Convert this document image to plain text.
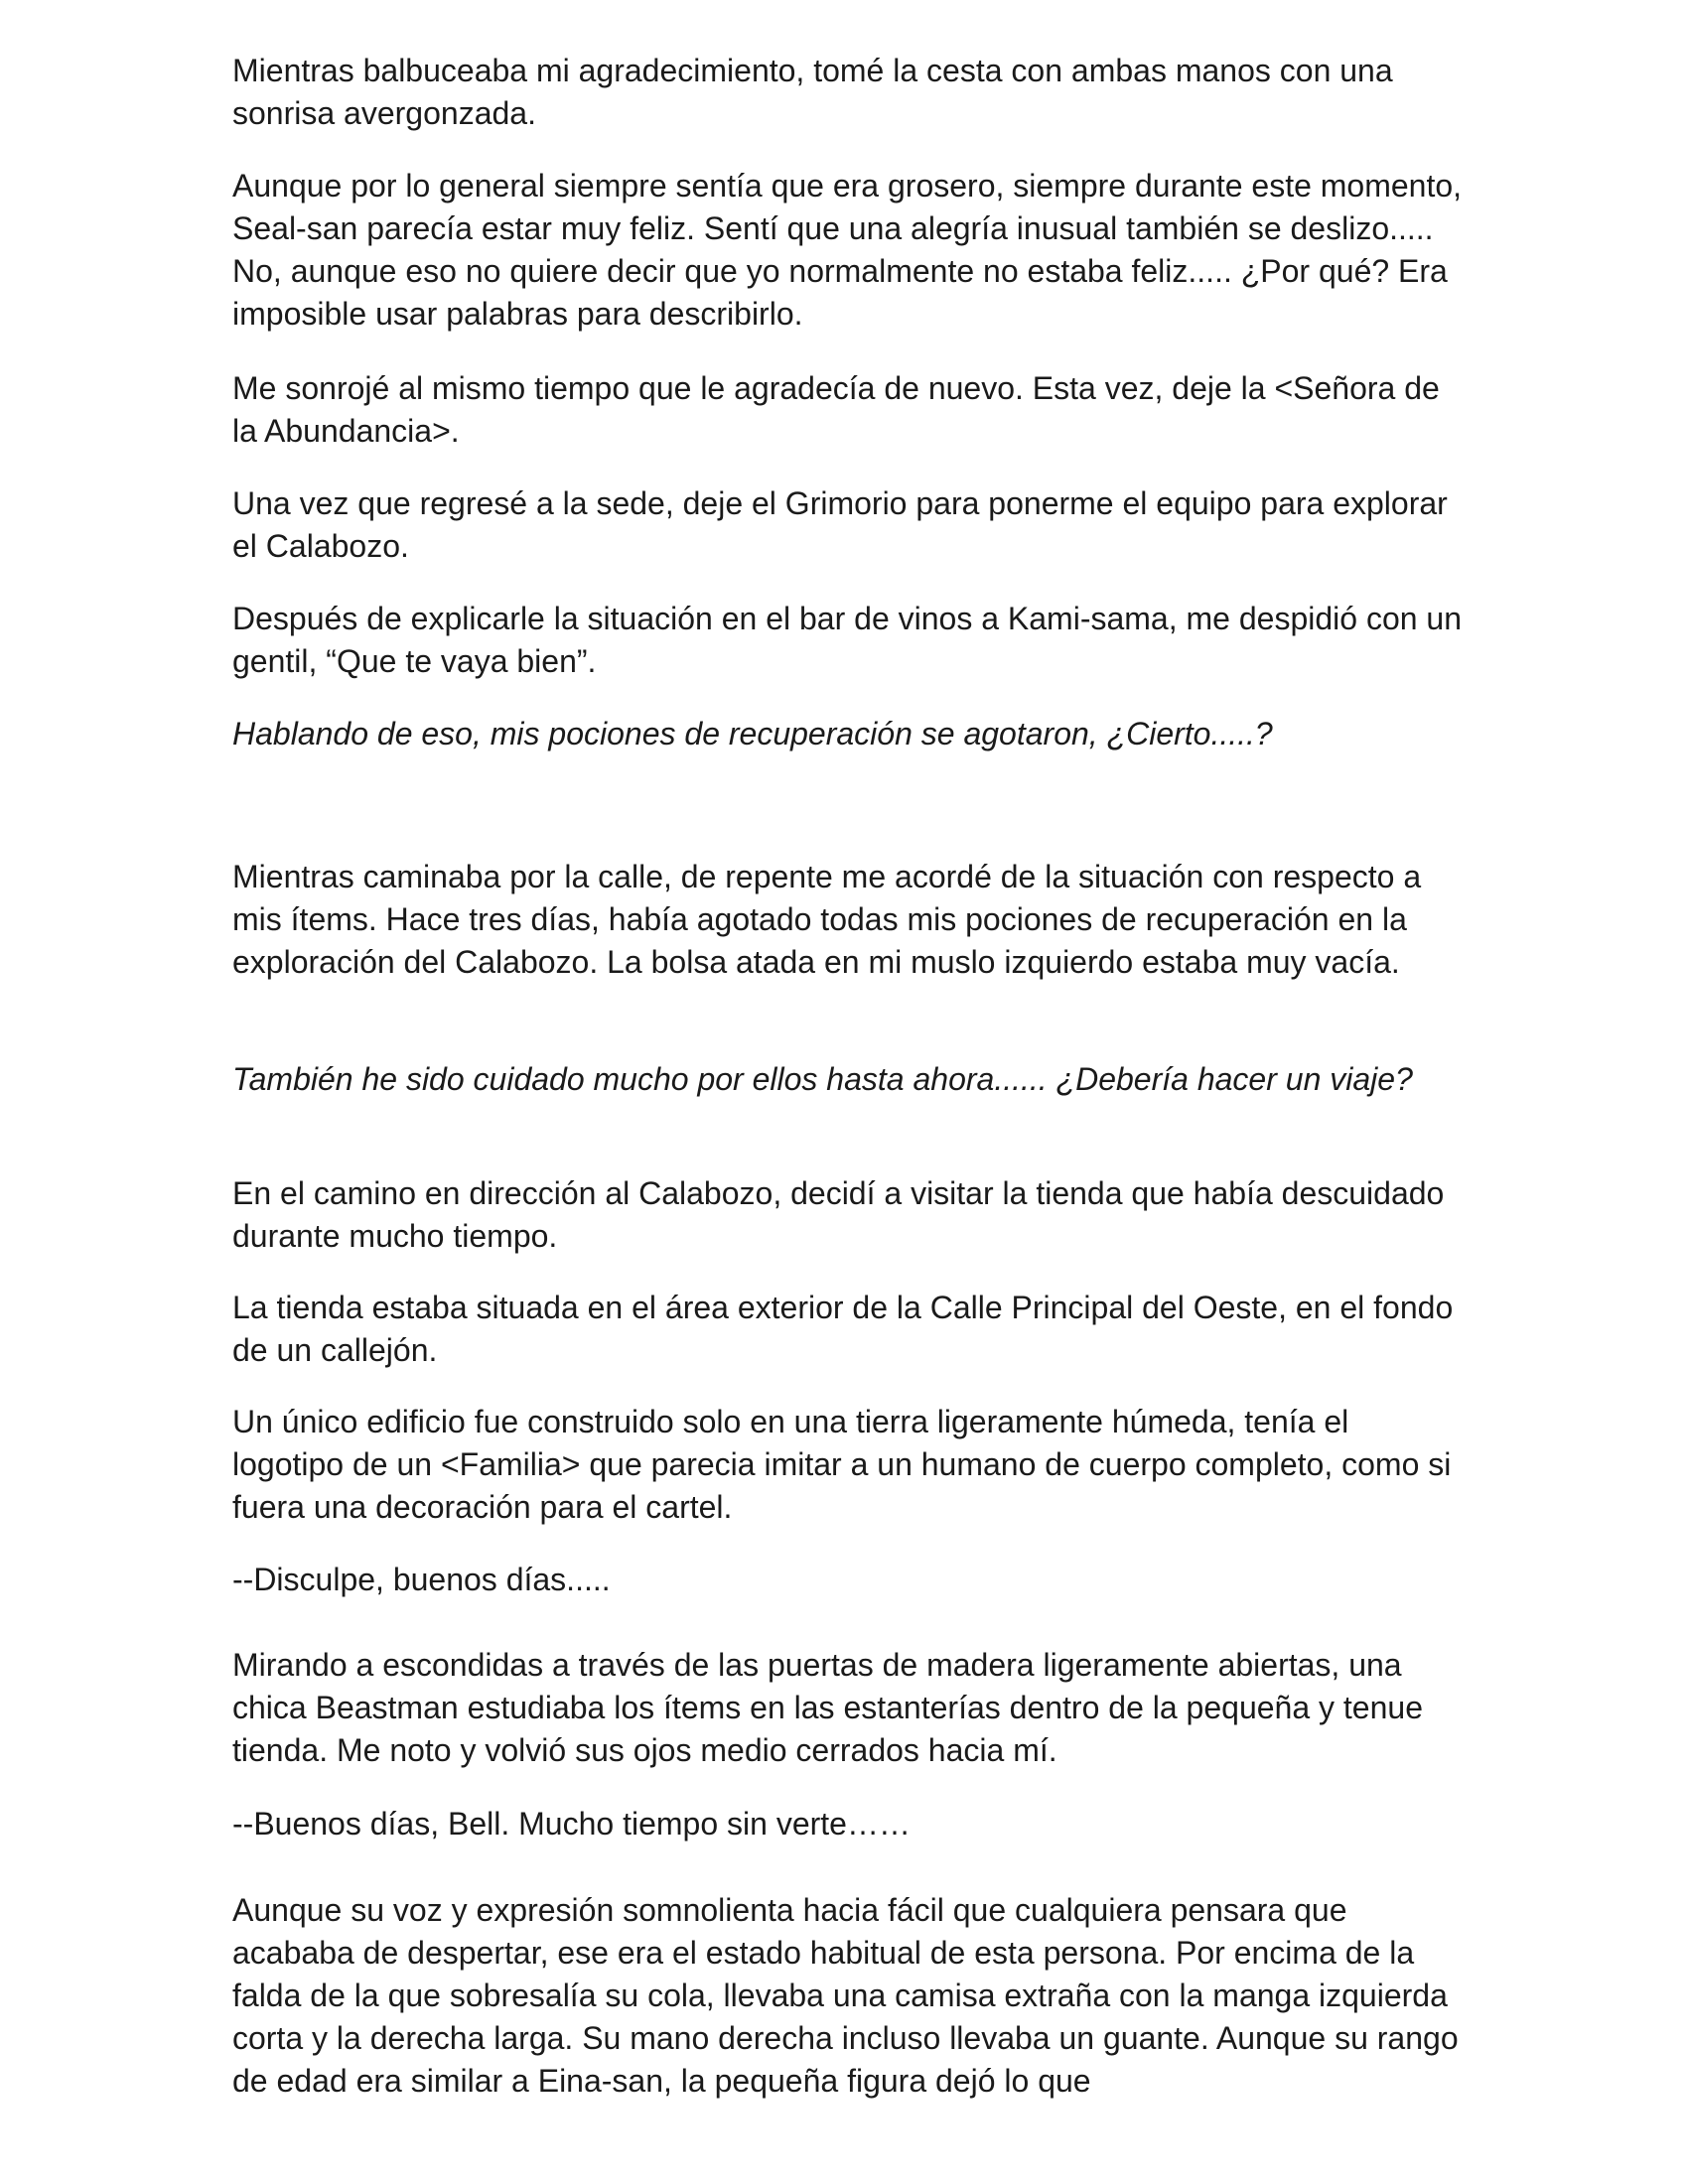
Mientras balbuceaba mi agradecimiento, tomé la cesta con ambas manos con una sonrisa avergonzada.

Aunque por lo general siempre sentía que era grosero, siempre durante este momento, Seal-san parecía estar muy feliz. Sentí que una alegría inusual también se deslizo..... No, aunque eso no quiere decir que yo normalmente no estaba feliz..... ¿Por qué? Era imposible usar palabras para describirlo.

Me sonrojé al mismo tiempo que le agradecía de nuevo. Esta vez, deje la <Señora de la Abundancia>.

Una vez que regresé a la sede, deje el Grimorio para ponerme el equipo para explorar el Calabozo.

Después de explicarle la situación en el bar de vinos a Kami-sama, me despidió con un gentil, “Que te vaya bien”.

Hablando de eso, mis pociones de recuperación se agotaron, ¿Cierto.....?

Mientras caminaba por la calle, de repente me acordé de la situación con respecto a mis ítems. Hace tres días, había agotado todas mis pociones de recuperación en la exploración del Calabozo. La bolsa atada en mi muslo izquierdo estaba muy vacía.

También he sido cuidado mucho por ellos hasta ahora...... ¿Debería hacer un viaje?

En el camino en dirección al Calabozo, decidí a visitar la tienda que había descuidado durante mucho tiempo.

La tienda estaba situada en el área exterior de la Calle Principal del Oeste, en el fondo de un callejón.

Un único edificio fue construido solo en una tierra ligeramente húmeda, tenía el logotipo de un <Familia> que parecia imitar a un humano de cuerpo completo, como si fuera una decoración para el cartel.

--Disculpe, buenos días.....

Mirando a escondidas a través de las puertas de madera ligeramente abiertas, una chica Beastman estudiaba los ítems en las estanterías dentro de la pequeña y tenue tienda. Me noto y volvió sus ojos medio cerrados hacia mí.

--Buenos días, Bell. Mucho tiempo sin verte……

Aunque su voz y expresión somnolienta hacia fácil que cualquiera pensara que acababa de despertar, ese era el estado habitual de esta persona. Por encima de la falda de la que sobresalía su cola, llevaba una camisa extraña con la manga izquierda corta y la derecha larga. Su mano derecha incluso llevaba un guante. Aunque su rango de edad era similar a Eina-san, la pequeña figura dejó lo que
